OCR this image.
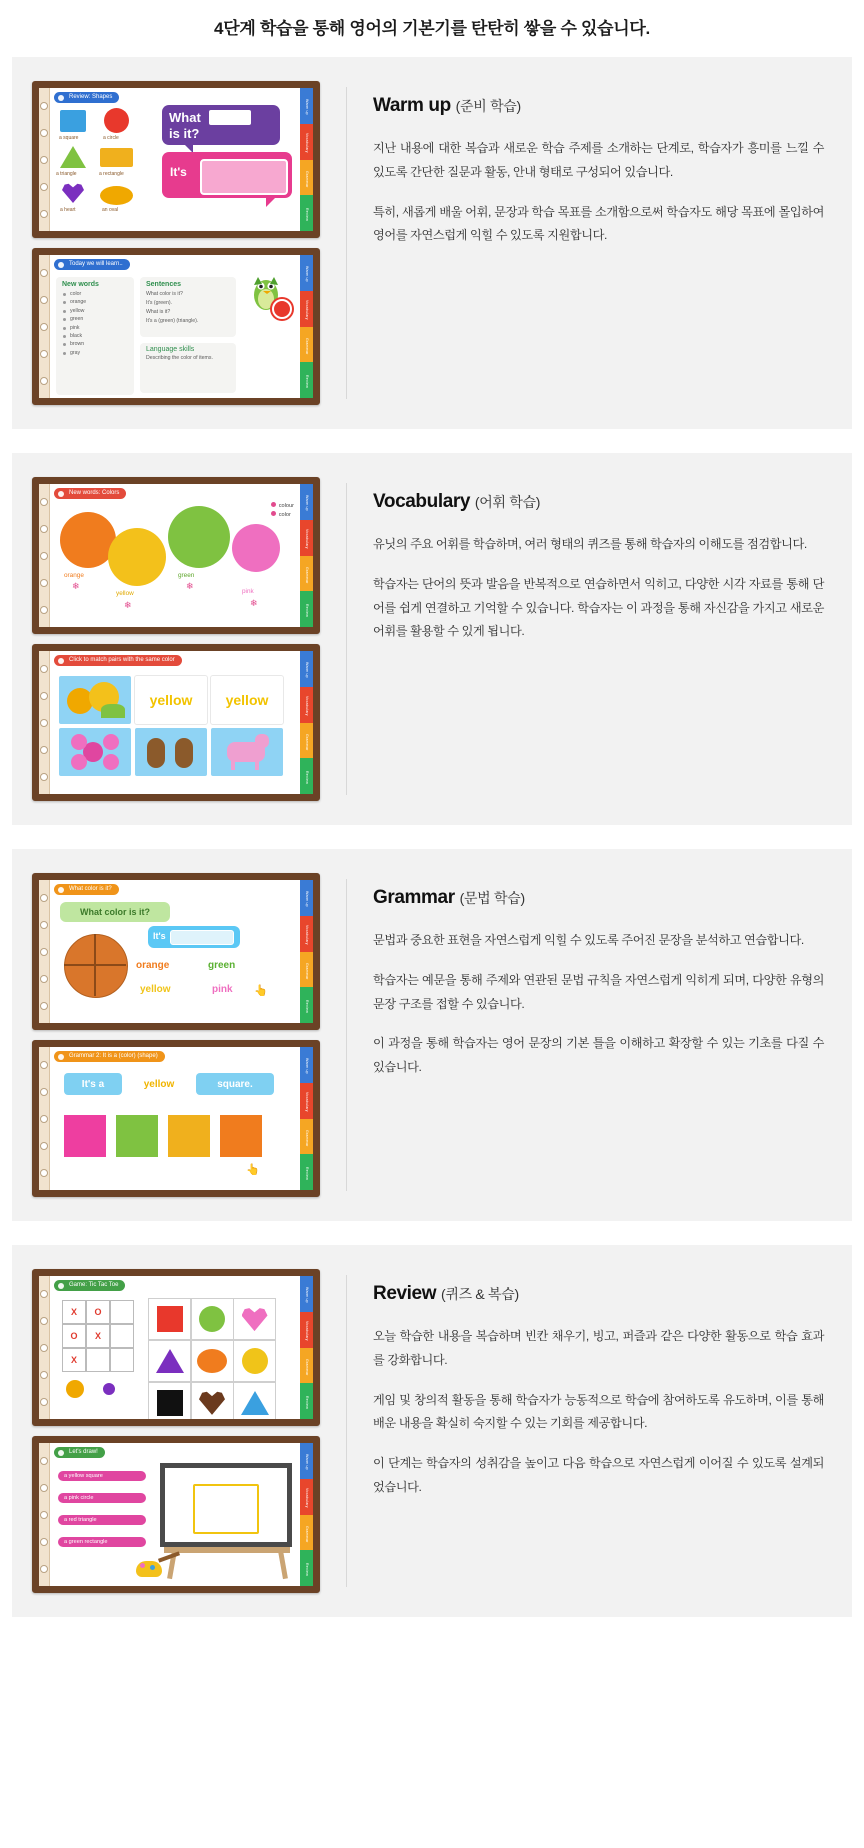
4단계 학습을 통해 영어의 기본기를 탄탄히 쌓을 수 있습니다.
Warm up
Vocabulary
Grammar
Review
Review: Shapes
a square	a circle
a triangle	a rectangle
a heart	an oval
What shape
is it?
It's
Warm up
Vocabulary
Grammar
Review
Today we will learn..
New words
color
orange
yellow
green
pink
black
brown
gray
Sentences
What color is it?
It's (green).
What is it?
It's a (green) (triangle).
Language skills
Describing the color of items.
Warm up (준비 학습)

지난 내용에 대한 복습과 새로운 학습 주제를 소개하는 단계로, 학습자가 흥미를 느낄 수 있도록 간단한 질문과 활동, 안내 형태로 구성되어 있습니다.

특히, 새롭게 배울 어휘, 문장과 학습 목표를 소개함으로써 학습자도 해당 목표에 몰입하여 영어를 자연스럽게 익힐 수 있도록 지원합니다.

Warm up
Vocabulary
Grammar
Review
New words: Colors
colour
color
orange
yellow
green
pink
❄
❄
❄
❄
Warm up
Vocabulary
Grammar
Review
Click to match pairs with the same color
yellow	yellow
Vocabulary (어휘 학습)

유닛의 주요 어휘를 학습하며, 여러 형태의 퀴즈를 통해 학습자의 이해도를 점검합니다.

학습자는 단어의 뜻과 발음을 반복적으로 연습하면서 익히고, 다양한 시각 자료를 통해 단어를 쉽게 연결하고 기억할 수 있습니다. 학습자는 이 과정을 통해 자신감을 가지고 새로운 어휘를 활용할 수 있게 됩니다.

Warm up
Vocabulary
Grammar
Review
What color is it?
What color is it?
It's
orange	green
yellow	pink 👆
Warm up
Vocabulary
Grammar
Review
Grammar 2: It is a (color) (shape)
It's a	yellow	square.
👆
Grammar (문법 학습)

문법과 중요한 표현을 자연스럽게 익힐 수 있도록 주어진 문장을 분석하고 연습합니다.

학습자는 예문을 통해 주제와 연관된 문법 규칙을 자연스럽게 익히게 되며, 다양한 유형의 문장 구조를 접할 수 있습니다.

이 과정을 통해 학습자는 영어 문장의 기본 틀을 이해하고 확장할 수 있는 기초를 다질 수 있습니다.

Warm up
Vocabulary
Grammar
Review
Game: Tic Tac Toe
X	O
O	X
X
Warm up
Vocabulary
Grammar
Review
Let's draw!
a yellow square
a pink circle
a red triangle
a green rectangle
Review (퀴즈 & 복습)

오늘 학습한 내용을 복습하며 빈칸 채우기, 빙고, 퍼즐과 같은 다양한 활동으로 학습 효과를 강화합니다.

게임 및 창의적 활동을 통해 학습자가 능동적으로 학습에 참여하도록 유도하며, 이를 통해 배운 내용을 확실히 숙지할 수 있는 기회를 제공합니다.

이 단계는 학습자의 성취감을 높이고 다음 학습으로 자연스럽게 이어질 수 있도록 설계되었습니다.
